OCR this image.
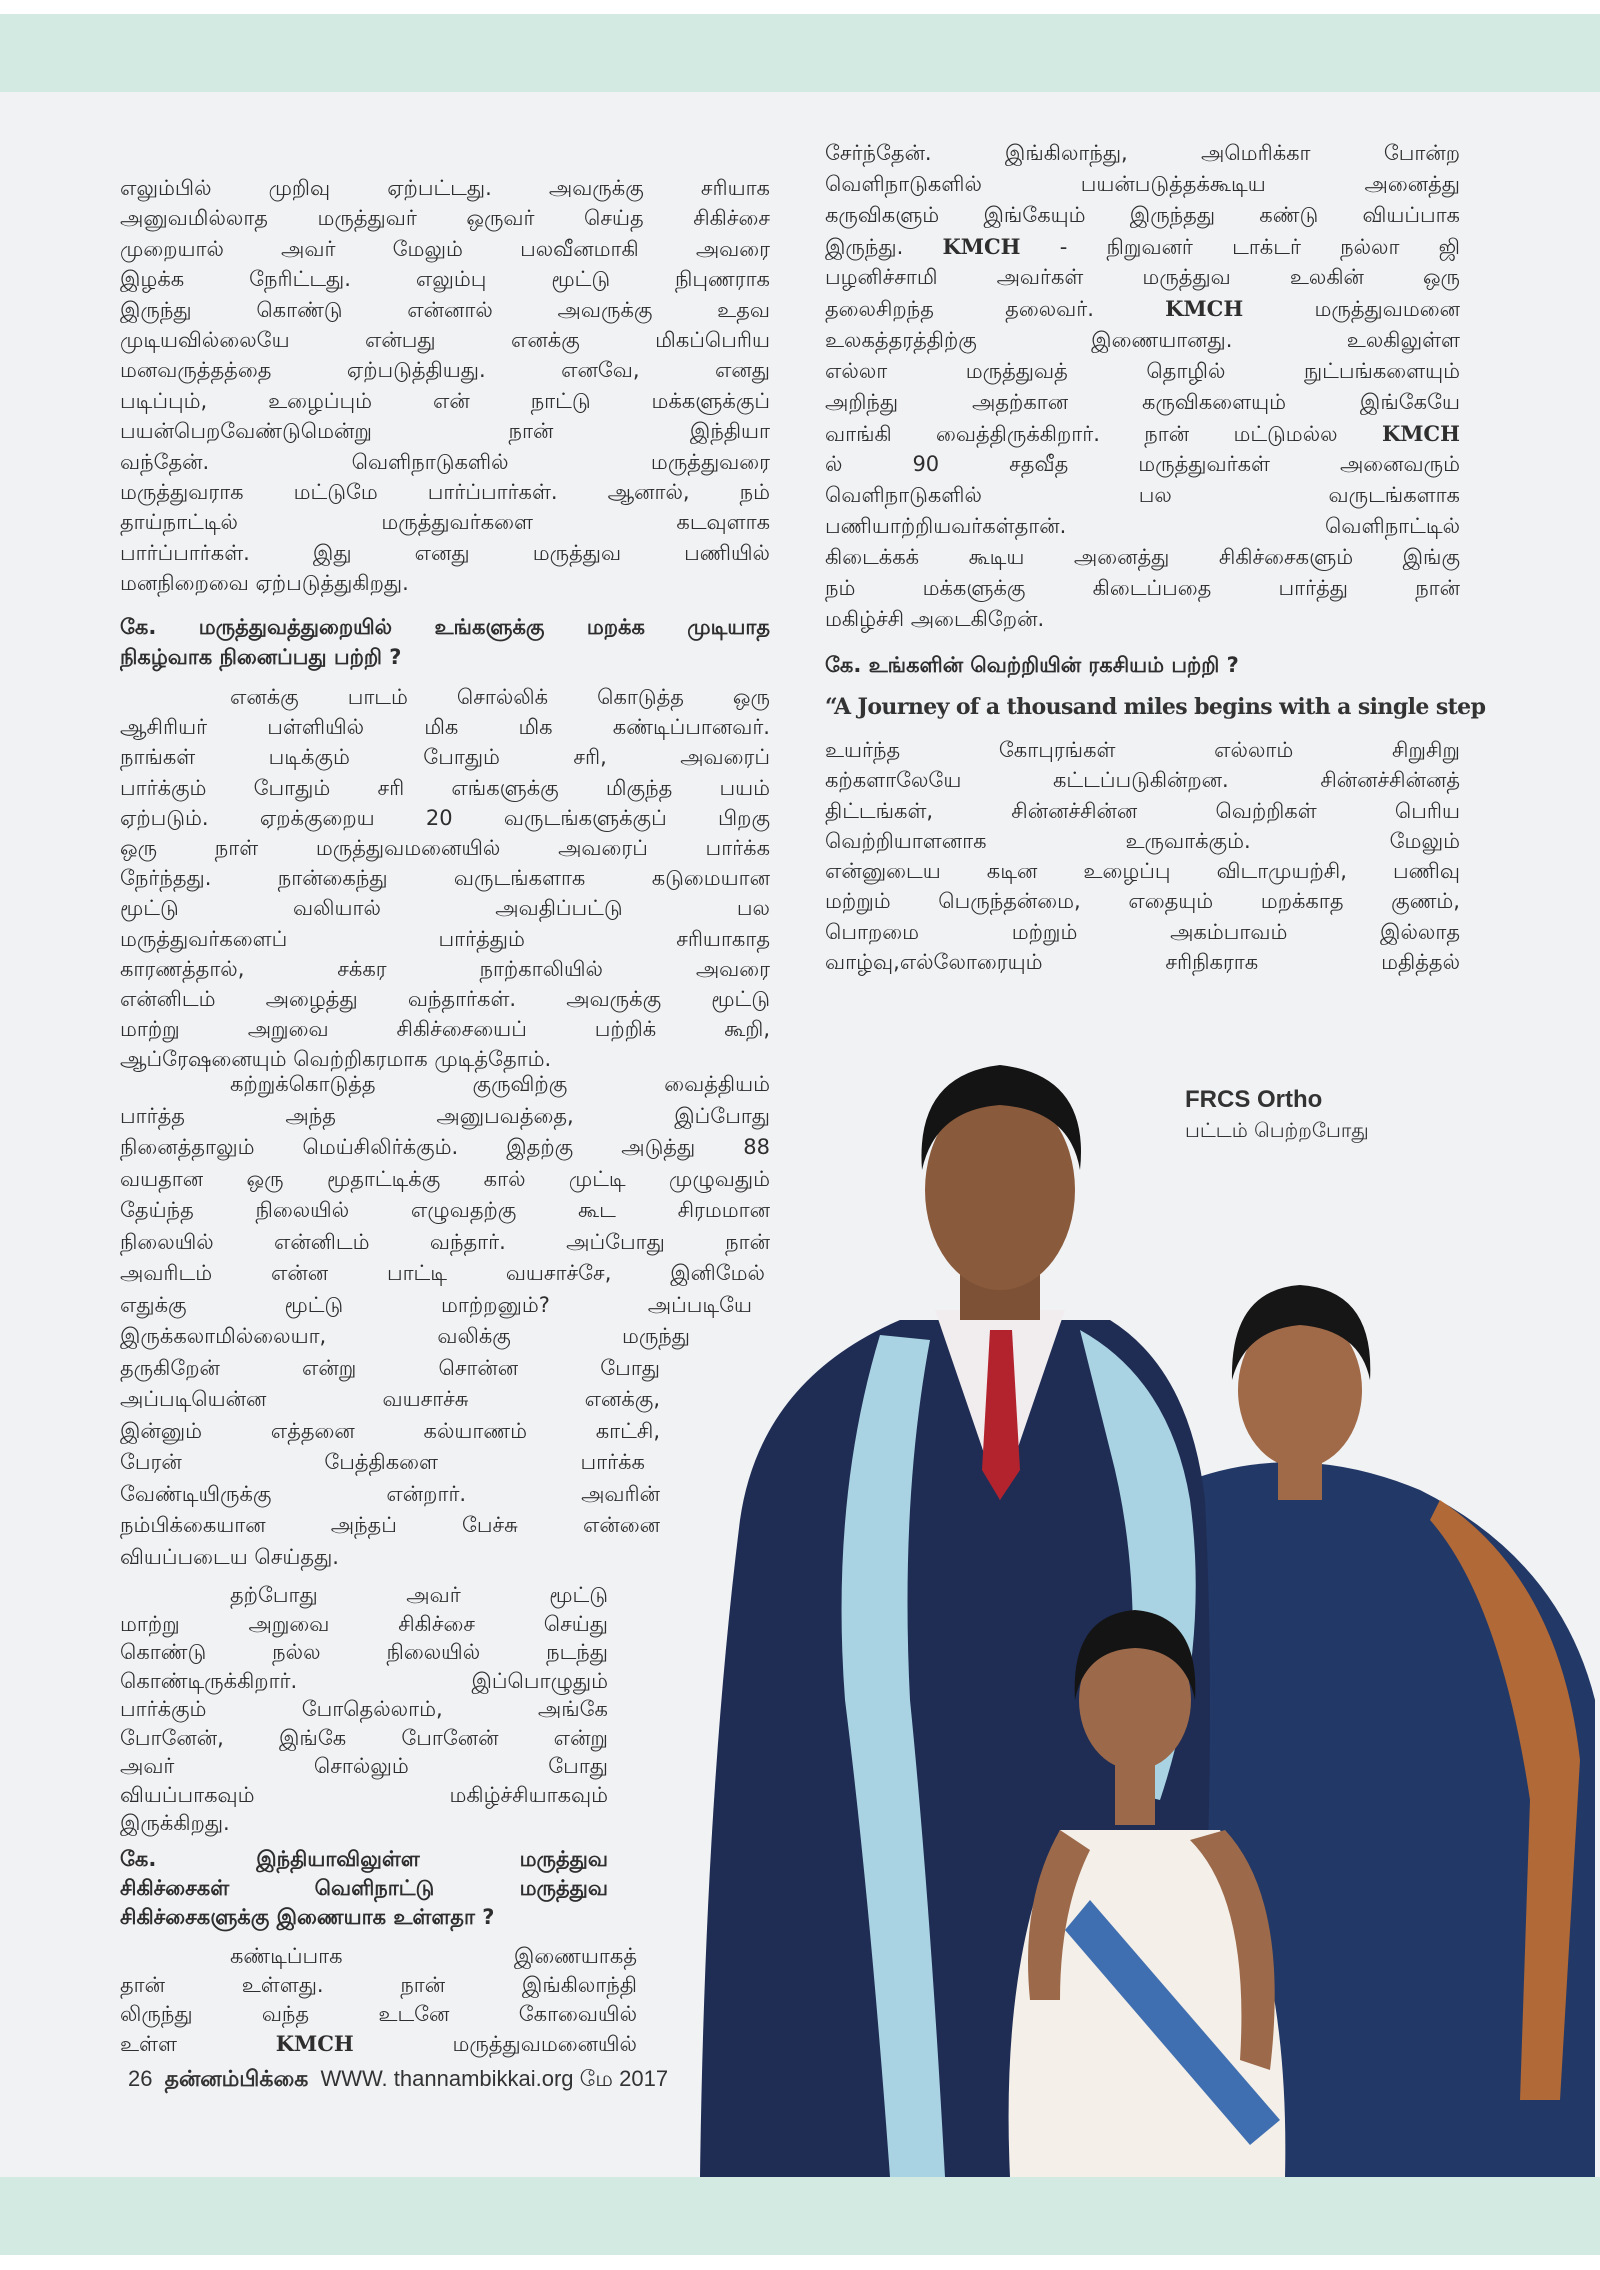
FRCS Ortho
பட்டம் பெற்றபோது
“A Journey of a thousand miles begins with a single step
26 தன்னம்பிக்கை WWW. thannambikkai.org மே 2017
எலும்பில் முறிவு ஏற்பட்டது. அவருக்கு சரியாக
அனுவமில்லாத மருத்துவர் ஒருவர் செய்த சிகிச்சை
முறையால் அவர் மேலும் பலவீனமாகி அவரை
இழக்க நேரிட்டது. எலும்பு மூட்டு நிபுணராக
இருந்து கொண்டு என்னால் அவருக்கு உதவ
முடியவில்லையே என்பது எனக்கு மிகப்பெரிய
மனவருத்தத்தை ஏற்படுத்தியது. எனவே, எனது
படிப்பும், உழைப்பும் என் நாட்டு மக்களுக்குப்
பயன்பெறவேண்டுமென்று நான் இந்தியா
வந்தேன். வெளிநாடுகளில் மருத்துவரை
மருத்துவராக மட்டுமே பார்ப்பார்கள். ஆனால், நம்
தாய்நாட்டில் மருத்துவர்களை கடவுளாக
பார்ப்பார்கள். இது எனது மருத்துவ பணியில்
மனநிறைவை ஏற்படுத்துகிறது.
கே. மருத்துவத்துறையில் உங்களுக்கு மறக்க முடியாத
நிகழ்வாக நினைப்பது பற்றி ?
எனக்கு பாடம் சொல்லிக் கொடுத்த ஒரு
ஆசிரியர் பள்ளியில் மிக மிக கண்டிப்பானவர்.
நாங்கள் படிக்கும் போதும் சரி, அவரைப்
பார்க்கும் போதும் சரி எங்களுக்கு மிகுந்த பயம்
ஏற்படும். ஏறக்குறைய 20 வருடங்களுக்குப் பிறகு
ஒரு நாள் மருத்துவமனையில் அவரைப் பார்க்க
நேர்ந்தது. நான்கைந்து வருடங்களாக கடுமையான
மூட்டு வலியால் அவதிப்பட்டு பல
மருத்துவர்களைப் பார்த்தும் சரியாகாத
காரணத்தால், சக்கர நாற்காலியில் அவரை
என்னிடம் அழைத்து வந்தார்கள். அவருக்கு மூட்டு
மாற்று அறுவை சிகிச்சையைப் பற்றிக் கூறி,
ஆப்ரேஷனையும் வெற்றிகரமாக முடித்தோம்.
கற்றுக்கொடுத்த குருவிற்கு வைத்தியம்
பார்த்த அந்த அனுபவத்தை, இப்போது
நினைத்தாலும் மெய்சிலிர்க்கும். இதற்கு அடுத்து 88
வயதான ஒரு மூதாட்டிக்கு கால் முட்டி முழுவதும்
தேய்ந்த நிலையில் எழுவதற்கு கூட சிரமமான
நிலையில் என்னிடம் வந்தார். அப்போது நான்
அவரிடம் என்ன பாட்டி வயசாச்சே, இனிமேல்
எதுக்கு மூட்டு மாற்றனும்? அப்படியே
இருக்கலாமில்லையா, வலிக்கு மருந்து
தருகிறேன் என்று சொன்ன போது
அப்படியென்ன வயசாச்சு எனக்கு,
இன்னும் எத்தனை கல்யாணம் காட்சி,
பேரன் பேத்திகளை பார்க்க
வேண்டியிருக்கு என்றார். அவரின்
நம்பிக்கையான அந்தப் பேச்சு என்னை
வியப்படைய செய்தது.
தற்போது அவர் மூட்டு
மாற்று அறுவை சிகிச்சை செய்து
கொண்டு நல்ல நிலையில் நடந்து
கொண்டிருக்கிறார். இப்பொழுதும்
பார்க்கும் போதெல்லாம், அங்கே
போனேன், இங்கே போனேன் என்று
அவர் சொல்லும் போது
வியப்பாகவும் மகிழ்ச்சியாகவும்
இருக்கிறது.
கே. இந்தியாவிலுள்ள மருத்துவ
சிகிச்சைகள் வெளிநாட்டு மருத்துவ
சிகிச்சைகளுக்கு இணையாக உள்ளதா ?
கண்டிப்பாக இணையாகத்
தான் உள்ளது. நான் இங்கிலாந்தி
லிருந்து வந்த உடனே கோவையில்
உள்ள KMCH மருத்துவமனையில்
சேர்ந்தேன். இங்கிலாந்து, அமெரிக்கா போன்ற
வெளிநாடுகளில் பயன்படுத்தக்கூடிய அனைத்து
கருவிகளும் இங்கேயும் இருந்தது கண்டு வியப்பாக
இருந்து. KMCH - நிறுவனர் டாக்டர் நல்லா ஜி
பழனிச்சாமி அவர்கள் மருத்துவ உலகின் ஒரு
தலைசிறந்த தலைவர். KMCH மருத்துவமனை
உலகத்தரத்திற்கு இணையானது. உலகிலுள்ள
எல்லா மருத்துவத் தொழில் நுட்பங்களையும்
அறிந்து அதற்கான கருவிகளையும் இங்கேயே
வாங்கி வைத்திருக்கிறார். நான் மட்டுமல்ல KMCH
ல் 90 சதவீத மருத்துவர்கள் அனைவரும்
வெளிநாடுகளில் பல வருடங்களாக
பணியாற்றியவர்கள்தான். வெளிநாட்டில்
கிடைக்கக் கூடிய அனைத்து சிகிச்சைகளும் இங்கு
நம் மக்களுக்கு கிடைப்பதை பார்த்து நான்
மகிழ்ச்சி அடைகிறேன்.
கே. உங்களின் வெற்றியின் ரகசியம் பற்றி ?
உயர்ந்த கோபுரங்கள் எல்லாம் சிறுசிறு
கற்களாலேயே கட்டப்படுகின்றன. சின்னச்சின்னத்
திட்டங்கள், சின்னச்சின்ன வெற்றிகள் பெரிய
வெற்றியாளனாக உருவாக்கும். மேலும்
என்னுடைய கடின உழைப்பு விடாமுயற்சி, பணிவு
மற்றும் பெருந்தன்மை, எதையும் மறக்காத குணம்,
பொறமை மற்றும் அகம்பாவம் இல்லாத
வாழ்வு,எல்லோரையும் சரிநிகராக மதித்தல்
